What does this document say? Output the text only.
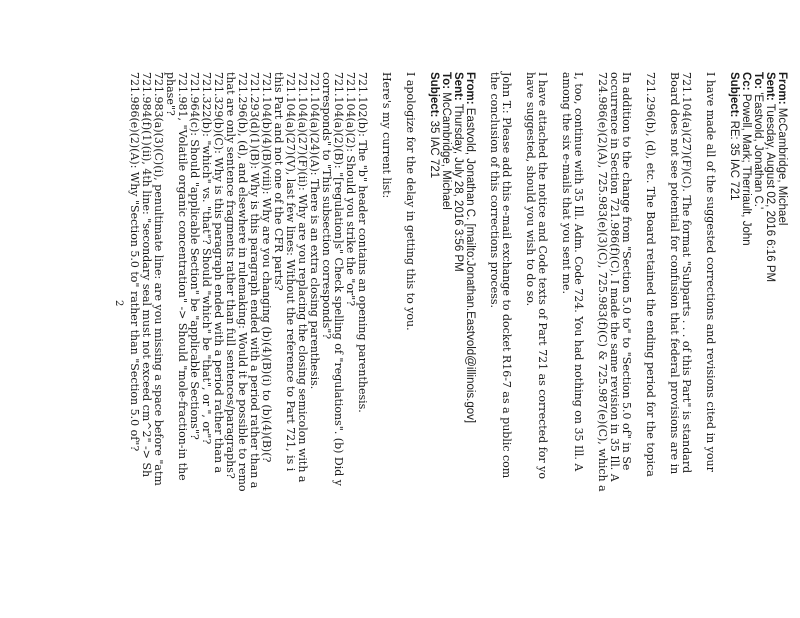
From: McCambridge, Michael
Sent: Tuesday, August 02, 2016 6:16 PM
To: 'Eastvold, Jonathan C.'
Cc: Powell, Mark; Therriault, John
Subject: RE: 35 IAC 721
I have made all of the suggested corrections and revisions cited in your
721.104(a)(27)(F)(C). The format "Subparts . . . of this Part" is standard
Board does not see potential for confusion that federal provisions are in
721.296(b), (d), etc. The Board retained the ending period for the topica
In addition to the change from "Section 5.0 to" to "Section 5.0 of" in Se
occurrence in Section 721.986(f)(C). I made the same revision in 35 Ill. A
724.986(e)(2)(A), 725.983(e)(3)(C), 725.983(f)(C) & 725.987(e)(C), which a
I, too, continue with 35 Ill. Adm. Code 724. You had nothing on 35 Ill. A
among the six e-mails that you sent me.
I have attached the notice and Code texts of Part 721 as corrected for yo
have suggested, should you wish to do so.
John T.: Please add this e-mail exchange to docket R16-7 as a public com
the conclusion of this corrections process.
From: Eastvold, Jonathan C. [mailto:Jonathan.Eastvold@illinois.gov]
Sent: Thursday, July 28, 2016 3:56 PM
To: McCambridge, Michael
Subject: 35 IAC 721
I apologize for the delay in getting this to you.
Here's my current list:
721.102(b): The "b" header contains an opening parenthesis.
721.104(a)(2): Should you strike the "or"?
721.104(a)(2)(B): "[regulation]s" Check spelling of "regulations". (b) Did y
corresponds" to "This subsection corresponds"?
721.104(a)(24)(A): There is an extra closing parenthesis.
721.104(a)(27)(F)(ii): Why are you replacing the closing semicolon with a
721.104(a)(27)(V), last few lines: Without the reference to Part 721, is i
this Part and not one of the CFR parts?
721.104(b)(4)(B)(viii): Why are you changing (b)(4)(B)(i) to (b)(4)(B)(?
721.293(d)(1)(B): Why is this paragraph ended with a period rather than a
721.296(b), (d), and elsewhere in rulemaking: Would it be possible to remo
that are only sentence fragments rather than full sentences/paragraphs?
721.329(b)(C): Why is this paragraph ended with a period rather than a
721.322(b): "which" vs. "that"? Should "which" be "that", or ", or"?
721.964(c): Should "applicable Section" be "applicable Sections"?
721.981, "Volatile organic concentration" -> Should "mole-fraction-in the
phase"?
721.983(a)(3)(C)(i), penultimate line: are you missing a space before "atm
721.984(f)(1)(ii), 4th line: "secondary seal must not exceed cm^2" -> Sh
721.986(e)(2)(A): Why "Section 5.0 to" rather than "Section 5.0 of"?
2
